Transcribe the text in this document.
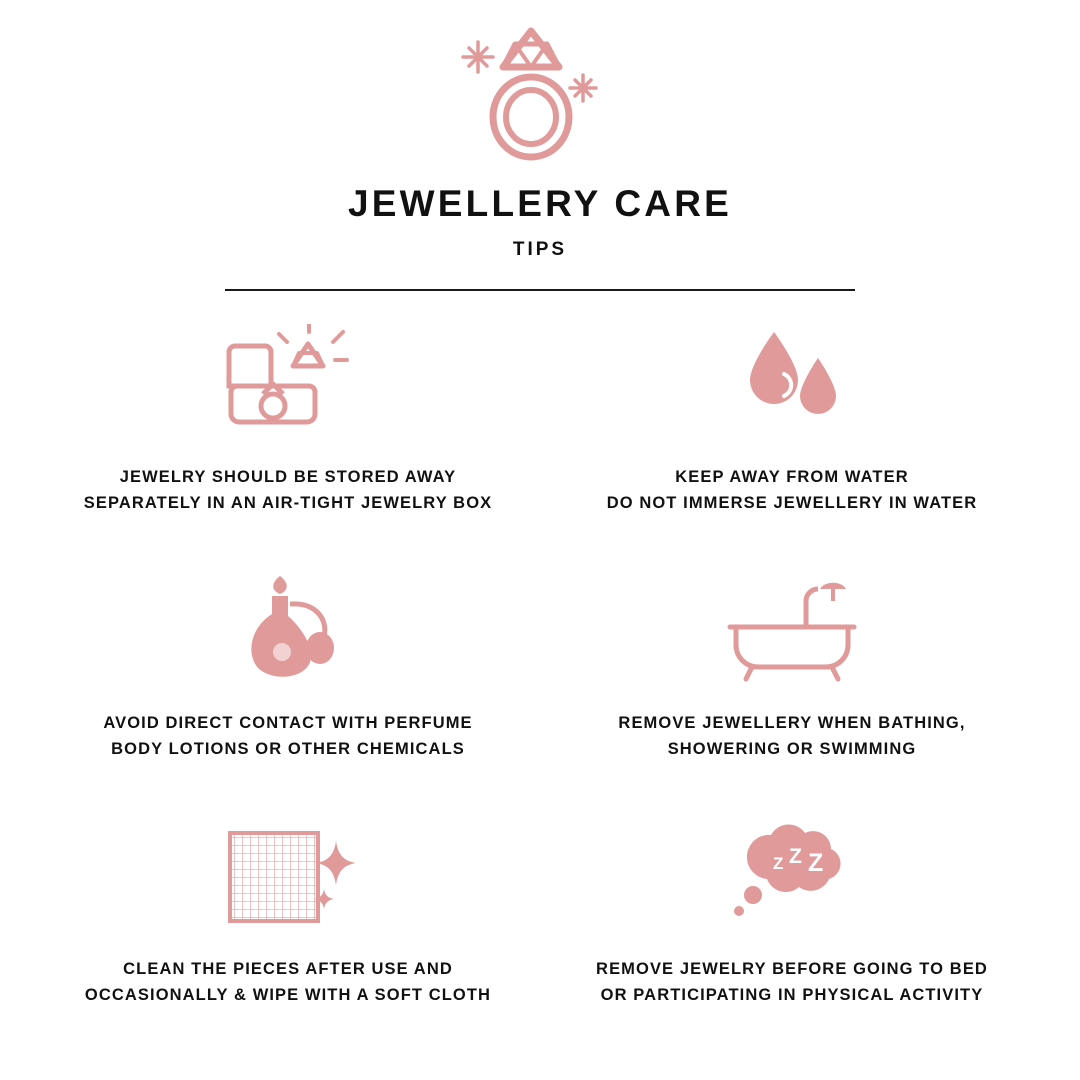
JEWELLERY CARE
TIPS
JEWELRY SHOULD BE STORED AWAY
SEPARATELY IN AN AIR-TIGHT JEWELRY BOX
KEEP AWAY FROM WATER
DO NOT IMMERSE JEWELLERY IN WATER
AVOID DIRECT CONTACT WITH PERFUME
BODY LOTIONS OR OTHER CHEMICALS
REMOVE JEWELLERY WHEN BATHING,
SHOWERING OR SWIMMING
CLEAN THE PIECES AFTER USE AND
OCCASIONALLY & WIPE WITH A SOFT CLOTH
Z Z Z
REMOVE JEWELRY BEFORE GOING TO BED
OR PARTICIPATING IN PHYSICAL ACTIVITY
